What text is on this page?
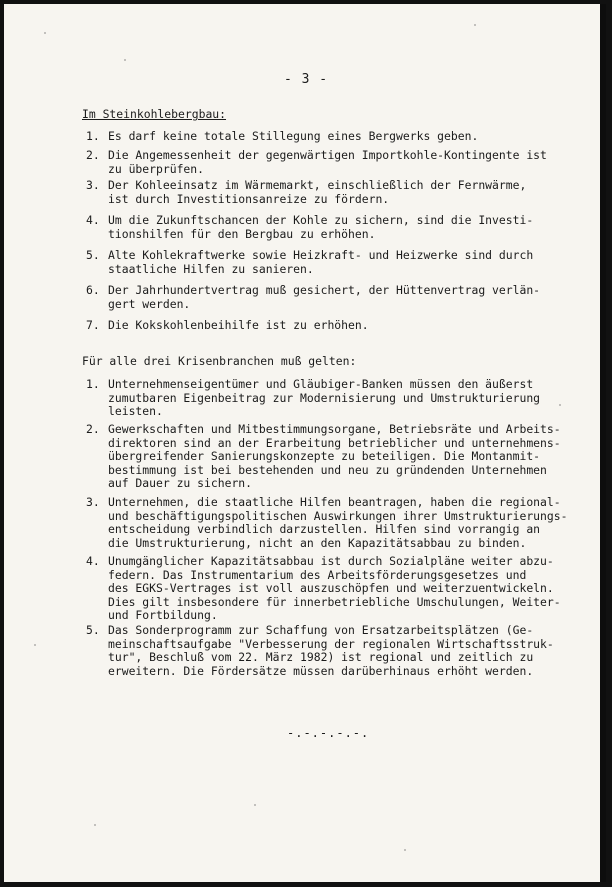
- 3 -
Im Steinkohlebergbau:
1. Es darf keine totale Stillegung eines Bergwerks geben.
2. Die Angemessenheit der gegenwärtigen Importkohle-Kontingente ist
zu überprüfen.
3. Der Kohleeinsatz im Wärmemarkt, einschließlich der Fernwärme,
ist durch Investitionsanreize zu fördern.
4. Um die Zukunftschancen der Kohle zu sichern, sind die Investi-
tionshilfen für den Bergbau zu erhöhen.
5. Alte Kohlekraftwerke sowie Heizkraft- und Heizwerke sind durch
staatliche Hilfen zu sanieren.
6. Der Jahrhundertvertrag muß gesichert, der Hüttenvertrag verlän-
gert werden.
7. Die Kokskohlenbeihilfe ist zu erhöhen.
Für alle drei Krisenbranchen muß gelten:
1. Unternehmenseigentümer und Gläubiger-Banken müssen den äußerst
zumutbaren Eigenbeitrag zur Modernisierung und Umstrukturierung
leisten.
2. Gewerkschaften und Mitbestimmungsorgane, Betriebsräte und Arbeits-
direktoren sind an der Erarbeitung betrieblicher und unternehmens-
übergreifender Sanierungskonzepte zu beteiligen. Die Montanmit-
bestimmung ist bei bestehenden und neu zu gründenden Unternehmen
auf Dauer zu sichern.
3. Unternehmen, die staatliche Hilfen beantragen, haben die regional-
und beschäftigungspolitischen Auswirkungen ihrer Umstrukturierungs-
entscheidung verbindlich darzustellen. Hilfen sind vorrangig an
die Umstrukturierung, nicht an den Kapazitätsabbau zu binden.
4. Unumgänglicher Kapazitätsabbau ist durch Sozialpläne weiter abzu-
federn. Das Instrumentarium des Arbeitsförderungsgesetzes und
des EGKS-Vertrages ist voll auszuschöpfen und weiterzuentwickeln.
Dies gilt insbesondere für innerbetriebliche Umschulungen, Weiter-
und Fortbildung.
5. Das Sonderprogramm zur Schaffung von Ersatzarbeitsplätzen (Ge-
meinschaftsaufgabe "Verbesserung der regionalen Wirtschaftsstruk-
tur", Beschluß vom 22. März 1982) ist regional und zeitlich zu
erweitern. Die Fördersätze müssen darüberhinaus erhöht werden.
-.-.-.-.-.
